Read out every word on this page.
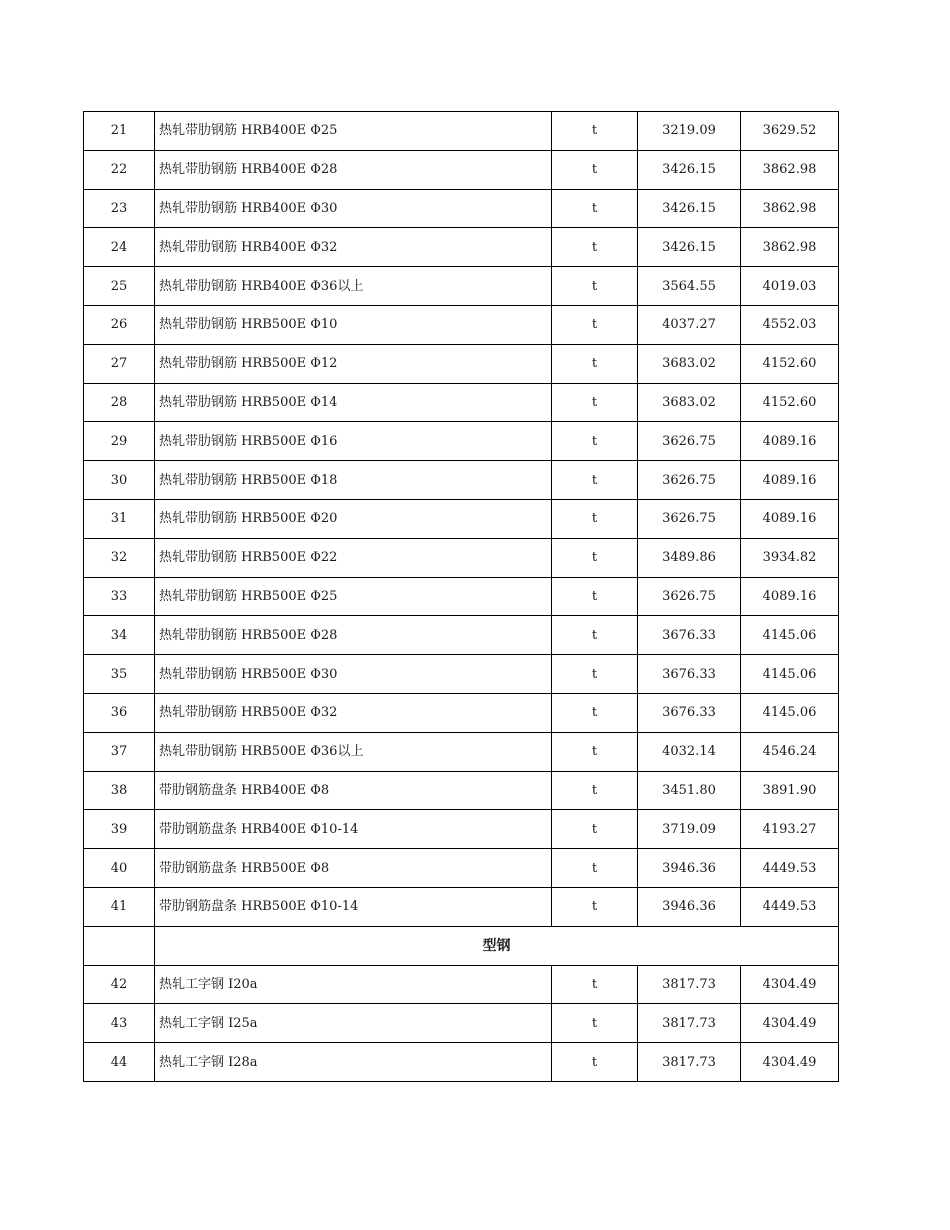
21	热轧带肋钢筋 HRB400E Φ25	t	3219.09	3629.52
22	热轧带肋钢筋 HRB400E Φ28	t	3426.15	3862.98
23	热轧带肋钢筋 HRB400E Φ30	t	3426.15	3862.98
24	热轧带肋钢筋 HRB400E Φ32	t	3426.15	3862.98
25	热轧带肋钢筋 HRB400E Φ36以上	t	3564.55	4019.03
26	热轧带肋钢筋 HRB500E Φ10	t	4037.27	4552.03
27	热轧带肋钢筋 HRB500E Φ12	t	3683.02	4152.60
28	热轧带肋钢筋 HRB500E Φ14	t	3683.02	4152.60
29	热轧带肋钢筋 HRB500E Φ16	t	3626.75	4089.16
30	热轧带肋钢筋 HRB500E Φ18	t	3626.75	4089.16
31	热轧带肋钢筋 HRB500E Φ20	t	3626.75	4089.16
32	热轧带肋钢筋 HRB500E Φ22	t	3489.86	3934.82
33	热轧带肋钢筋 HRB500E Φ25	t	3626.75	4089.16
34	热轧带肋钢筋 HRB500E Φ28	t	3676.33	4145.06
35	热轧带肋钢筋 HRB500E Φ30	t	3676.33	4145.06
36	热轧带肋钢筋 HRB500E Φ32	t	3676.33	4145.06
37	热轧带肋钢筋 HRB500E Φ36以上	t	4032.14	4546.24
38	带肋钢筋盘条 HRB400E Φ8	t	3451.80	3891.90
39	带肋钢筋盘条 HRB400E Φ10-14	t	3719.09	4193.27
40	带肋钢筋盘条 HRB500E Φ8	t	3946.36	4449.53
41	带肋钢筋盘条 HRB500E Φ10-14	t	3946.36	4449.53
	型钢			
42	热轧工字钢 I20a	t	3817.73	4304.49
43	热轧工字钢 I25a	t	3817.73	4304.49
44	热轧工字钢 I28a	t	3817.73	4304.49
